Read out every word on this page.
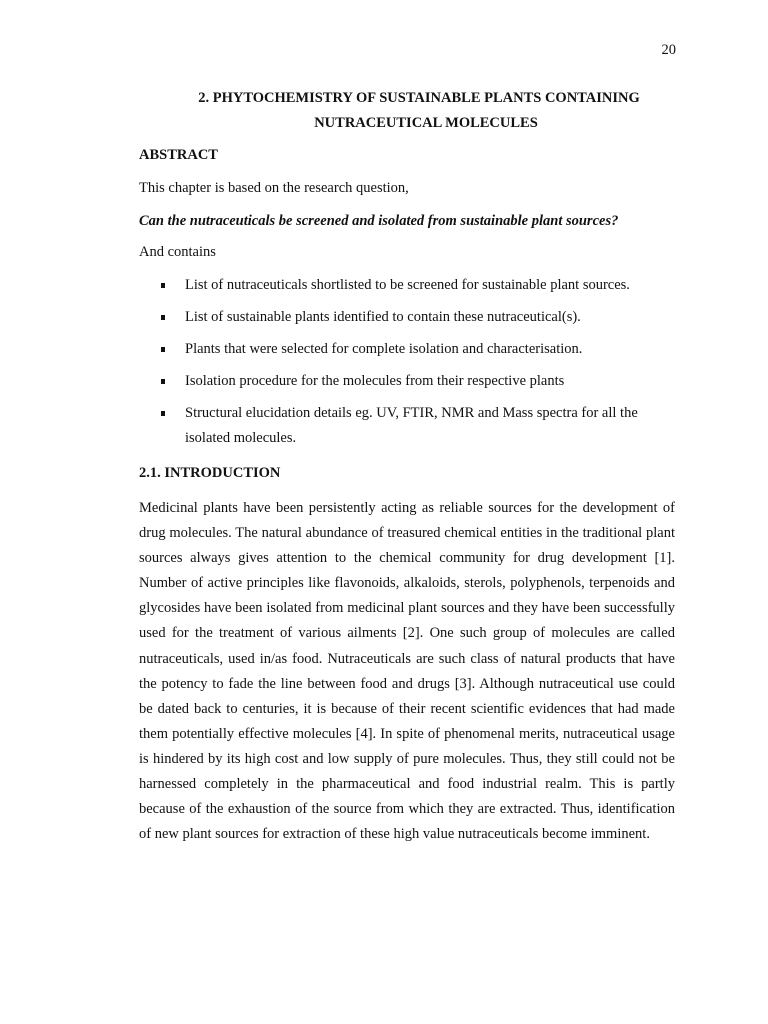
20
2. PHYTOCHEMISTRY OF SUSTAINABLE PLANTS CONTAINING
NUTRACEUTICAL MOLECULES
ABSTRACT

This chapter is based on the research question,

Can the nutraceuticals be screened and isolated from sustainable plant sources?

And contains

List of nutraceuticals shortlisted to be screened for sustainable plant sources.
List of sustainable plants identified to contain these nutraceutical(s).
Plants that were selected for complete isolation and characterisation.
Isolation procedure for the molecules from their respective plants
Structural elucidation details eg. UV, FTIR, NMR and Mass spectra for all the isolated molecules.
2.1. INTRODUCTION

Medicinal plants have been persistently acting as reliable sources for the development of drug molecules. The natural abundance of treasured chemical entities in the traditional plant sources always gives attention to the chemical community for drug development [1]. Number of active principles like flavonoids, alkaloids, sterols, polyphenols, terpenoids and glycosides have been isolated from medicinal plant sources and they have been successfully used for the treatment of various ailments [2]. One such group of molecules are called nutraceuticals, used in/as food. Nutraceuticals are such class of natural products that have the potency to fade the line between food and drugs [3]. Although nutraceutical use could be dated back to centuries, it is because of their recent scientific evidences that had made them potentially effective molecules [4]. In spite of phenomenal merits, nutraceutical usage is hindered by its high cost and low supply of pure molecules. Thus, they still could not be harnessed completely in the pharmaceutical and food industrial realm. This is partly because of the exhaustion of the source from which they are extracted. Thus, identification of new plant sources for extraction of these high value nutraceuticals become imminent.
